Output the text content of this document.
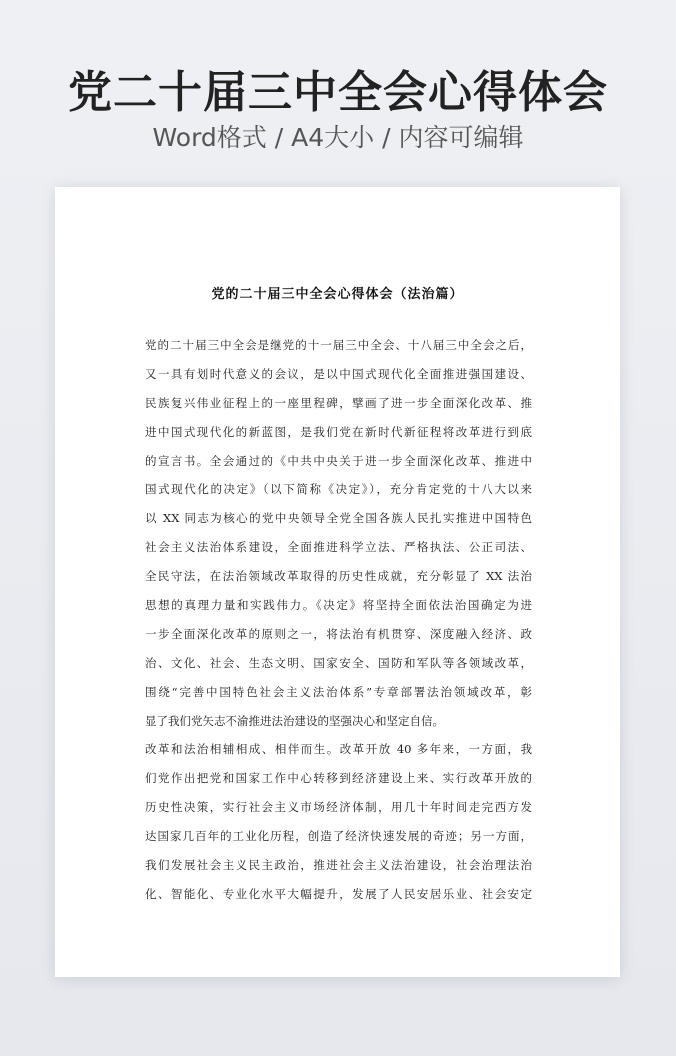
党二十届三中全会心得体会
Word格式 / A4大小 / 内容可编辑
党的二十届三中全会心得体会（法治篇）
党的二十届三中全会是继党的十一届三中全会、十八届三中全会之后，
又一具有划时代意义的会议，是以中国式现代化全面推进强国建设、
民族复兴伟业征程上的一座里程碑，擘画了进一步全面深化改革、推
进中国式现代化的新蓝图，是我们党在新时代新征程将改革进行到底
的宣言书。全会通过的《中共中央关于进一步全面深化改革、推进中
国式现代化的决定》（以下简称《决定》），充分肯定党的十八大以来
以 XX 同志为核心的党中央领导全党全国各族人民扎实推进中国特色
社会主义法治体系建设，全面推进科学立法、严格执法、公正司法、
全民守法，在法治领域改革取得的历史性成就，充分彰显了 XX 法治
思想的真理力量和实践伟力。《决定》将坚持全面依法治国确定为进
一步全面深化改革的原则之一，将法治有机贯穿、深度融入经济、政
治、文化、社会、生态文明、国家安全、国防和军队等各领域改革，
围绕“完善中国特色社会主义法治体系”专章部署法治领域改革，彰
显了我们党矢志不渝推进法治建设的坚强决心和坚定自信。
改革和法治相辅相成、相伴而生。改革开放 40 多年来，一方面，我
们党作出把党和国家工作中心转移到经济建设上来、实行改革开放的
历史性决策，实行社会主义市场经济体制，用几十年时间走完西方发
达国家几百年的工业化历程，创造了经济快速发展的奇迹；另一方面，
我们发展社会主义民主政治，推进社会主义法治建设，社会治理法治
化、智能化、专业化水平大幅提升，发展了人民安居乐业、社会安定
